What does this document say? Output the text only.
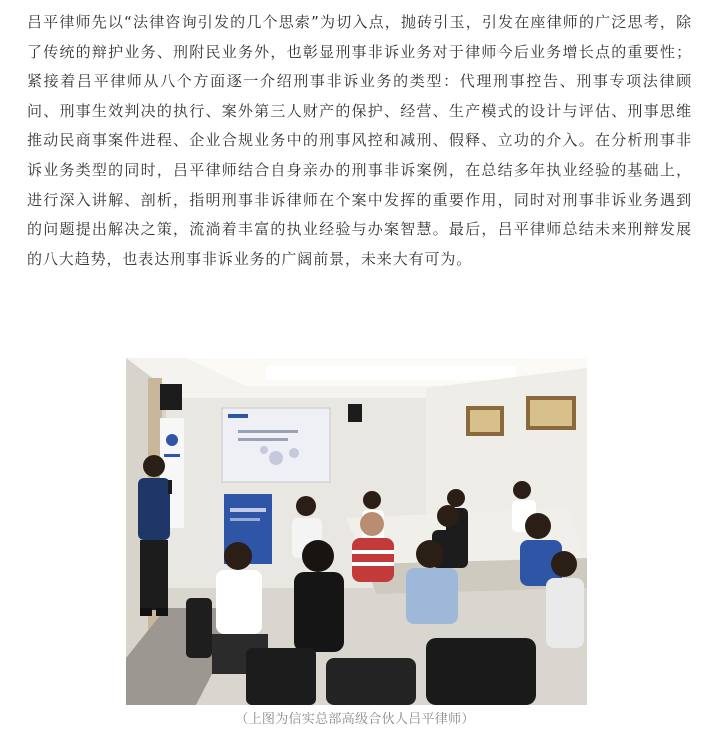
吕平律师先以“法律咨询引发的几个思索”为切入点，抛砖引玉，引发在座律师的广泛思考，除了传统的辩护业务、刑附民业务外，也彰显刑事非诉业务对于律师今后业务增长点的重要性；紧接着吕平律师从八个方面逐一介绍刑事非诉业务的类型：代理刑事控告、刑事专项法律顾问、刑事生效判决的执行、案外第三人财产的保护、经营、生产模式的设计与评估、刑事思维推动民商事案件进程、企业合规业务中的刑事风控和减刑、假释、立功的介入。在分析刑事非诉业务类型的同时，吕平律师结合自身亲办的刑事非诉案例，在总结多年执业经验的基础上，进行深入讲解、剖析，指明刑事非诉律师在个案中发挥的重要作用，同时对刑事非诉业务遇到的问题提出解决之策，流淌着丰富的执业经验与办案智慧。最后，吕平律师总结未来刑辩发展的八大趋势，也表达刑事非诉业务的广阔前景，未来大有可为。

（上图为信实总部高级合伙人吕平律师）
